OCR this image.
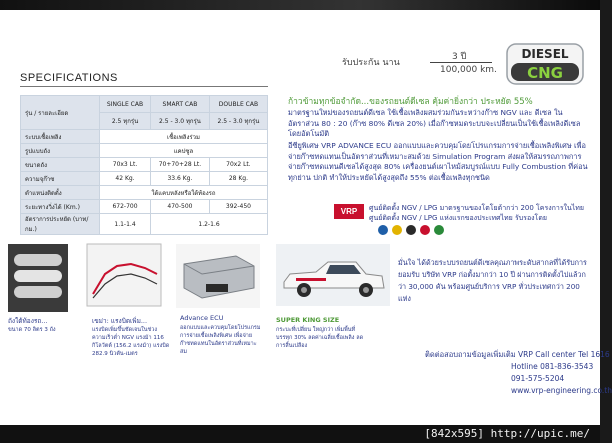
รับประกัน นาน
3 ปี
100,000 km.
DIESEL
CNG
SPECIFICATIONS
รุ่น / รายละเอียด	SINGLE CAB	SMART CAB	DOUBLE CAB
	2.5 ทุกรุ่น	2.5 - 3.0 ทุกรุ่น	2.5 - 3.0 ทุกรุ่น
ระบบเชื้อเพลิง	เชื้อเพลิงร่วม		
รูปแบบถัง	แคปซูล		
ขนาดถัง	70x3 Lt.	70+70+28 Lt.	70x2 Lt.
ความจุก๊าซ	42 Kg.	33.6 Kg.	28 Kg.
ตำแหน่งติดตั้ง	ใต้แคบหลังหรือใต้ท้องรถ		
ระยะทางวิ่งได้ (Km.)	672-700	470-500	392-450
อัตราการประหยัด (บาท/กม.)	1.1-1.4	1.2-1.6	
ก้าวข้ามทุกข้อจำกัด...ของรถยนต์ดีเซล คุ้มค่ายิ่งกว่า ประหยัด 55%
มาตรฐานใหม่ของรถยนต์ดีเซล ใช้เชื้อเพลิงผสมร่วมกันระหว่างก๊าซ NGV และ ดีเซล ในอัตราส่วน 80 : 20 (ก๊าซ 80% ดีเซล 20%) เมื่อก๊าซหมดระบบจะเปลี่ยนเป็นใช้เชื้อเพลิงดีเซลโดยอัตโนมัติ
อีซียูพิเศษ VRP ADVANCE ECU ออกแบบและควบคุมโดยโปรแกรมการจ่ายเชื้อเพลิงพิเศษ เพื่อจ่ายก๊าซทดแทนเป็นอัตราส่วนที่เหมาะสมด้วย Simulation Program ส่งผลให้สมรรถภาพการจ่ายก๊าซทดแทนดีเซลได้สูงสุด 80% เครื่องยนต์เผาไหม้สมบูรณ์แบบ Fully Combustion ที่ค่อนทุกย่าน ปกติ ทำให้ประหยัดได้สูงสุดถึง 55% ต่อเชื้อเพลิงทุกชนิด
VRP	ศูนย์ติดตั้ง NGV / LPG มาตรฐานของโตโยต้ากว่า 200 โครงการในไทย
ศูนย์ติดตั้ง NGV / LPG แห่งแรกของประเทศไทย รับรองโดย
มั่นใจ ได้ด้วยระบบรถยนต์ดีเซลคุณภาพระดับสากลที่ได้รับการยอมรับ บริษัท VRP ก่อตั้งมากว่า 10 ปี ผ่านการติดตั้งไปแล้วกว่า 30,000 คัน พร้อมศูนย์บริการ VRP ทั่วประเทศกว่า 200 แห่ง
ถังใต้ท้องรถ...
ขนาด 70 ลิตร 3 ถัง
เขม่า: แรงบิดเพิ่ม...
แรงบิดเพิ่มขึ้นชัดเจนในช่วงความเร็วต่ำ NGV แรงม้า 116 กิโลวัตต์ (156.2 แรงม้า) แรงบิด 282.9 นิวตัน-เมตร
Advance ECU
ออกแบบและควบคุมโดยโปรแกรมการจ่ายเชื้อเพลิงพิเศษ เพื่อจ่ายก๊าซทดแทนในอัตราส่วนที่เหมาะสม
SUPER KING SIZE
กระบะที่เปลี่ยน ใหญ่กว่า เพิ่มพื้นที่บรรทุก 30% ลดค่าเฉลี่ยเชื้อเพลิง ลดการสิ้นเปลือง
ติดต่อสอบถามข้อมูลเพิ่มเติม VRP Call center Tel 1616
Hotline 081-836-3543
091-575-5204
www.vrp-engineering.co.th
[842x595] http://upic.me/
